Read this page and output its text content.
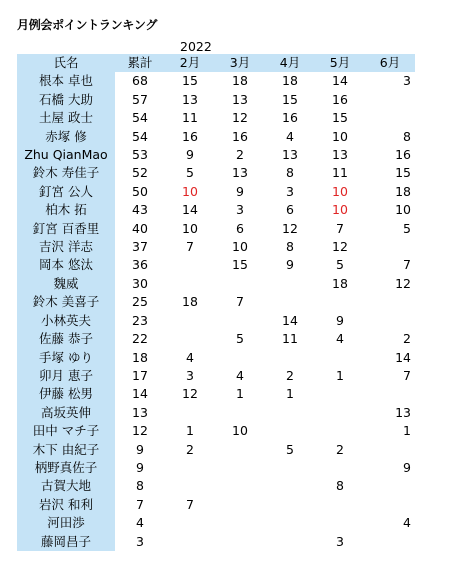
月例会ポイントランキング
2022
氏名	累計	2月	3月	4月	5月	6月
根本 卓也	68	15	18	18	14	3
石橋 大助	57	13	13	15	16	
土屋 政士	54	11	12	16	15	
赤塚 修	54	16	16	4	10	8
Zhu QianMao	53	9	2	13	13	16
鈴木 寿佳子	52	5	13	8	11	15
釘宮 公人	50	10	9	3	10	18
柏木 拓	43	14	3	6	10	10
釘宮 百香里	40	10	6	12	7	5
吉沢 洋志	37	7	10	8	12	
岡本 悠汰	36		15	9	5	7
魏威	30				18	12
鈴木 美喜子	25	18	7			
小林英夫	23			14	9	
佐藤 恭子	22		5	11	4	2
手塚 ゆり	18	4				14
卯月 恵子	17	3	4	2	1	7
伊藤 松男	14	12	1	1		
高坂英伸	13					13
田中 マチ子	12	1	10			1
木下 由紀子	9	2		5	2	
柄野真佐子	9					9
古賀大地	8				8	
岩沢 和利	7	7				
河田渉	4					4
藤岡昌子	3				3	
